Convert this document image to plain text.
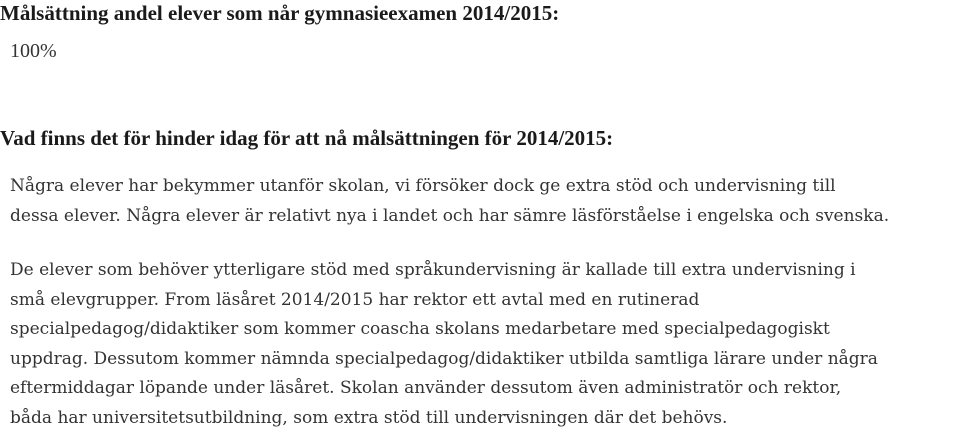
Målsättning andel elever som når gymnasieexamen 2014/2015:

100%

Vad finns det för hinder idag för att nå målsättningen för 2014/2015:

Några elever har bekymmer utanför skolan, vi försöker dock ge extra stöd och undervisning till
dessa elever. Några elever är relativt nya i landet och har sämre läsförståelse i engelska och svenska.

De elever som behöver ytterligare stöd med språkundervisning är kallade till extra undervisning i
små elevgrupper. From läsåret 2014/2015 har rektor ett avtal med en rutinerad
specialpedagog/didaktiker som kommer coascha skolans medarbetare med specialpedagogiskt
uppdrag. Dessutom kommer nämnda specialpedagog/didaktiker utbilda samtliga lärare under några
eftermiddagar löpande under läsåret. Skolan använder dessutom även administratör och rektor,
båda har universitetsutbildning, som extra stöd till undervisningen där det behövs.
